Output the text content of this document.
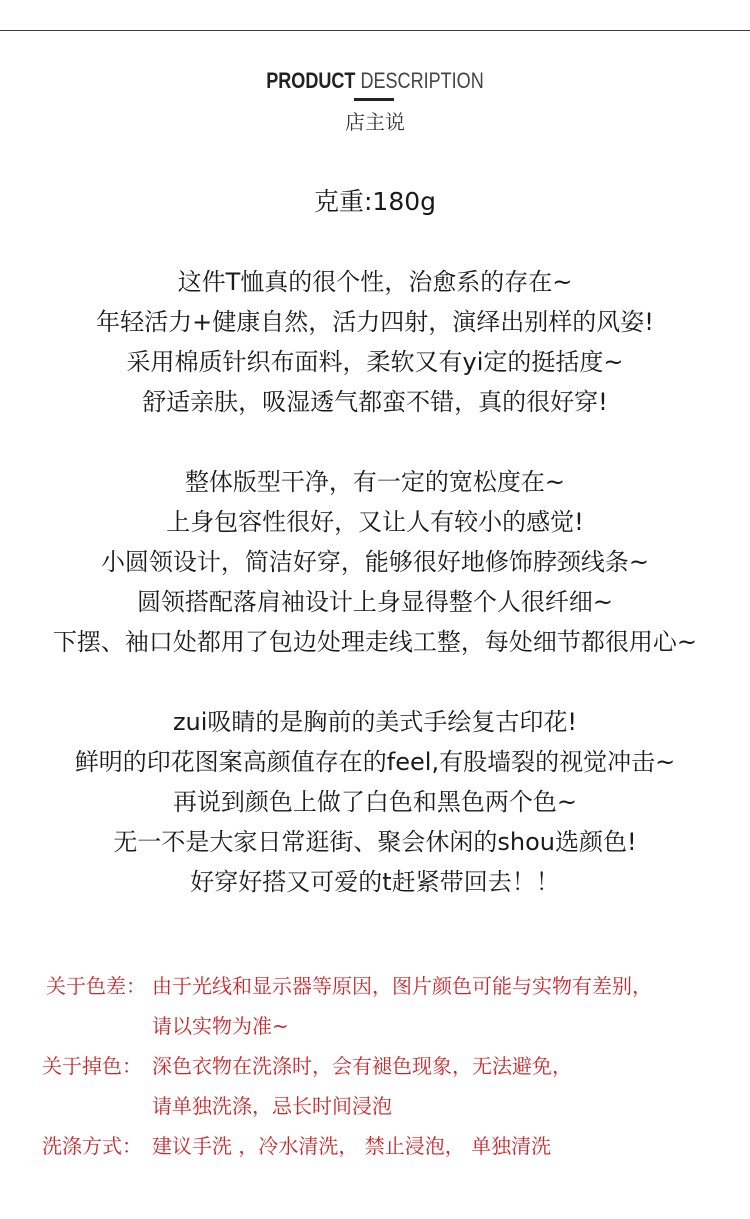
PRODUCT DESCRIPTION
店主说
克重:180g
这件T恤真的很个性，治愈系的存在~
年轻活力+健康自然，活力四射，演绎出别样的风姿!
采用棉质针织布面料，柔软又有yi定的挺括度~
舒适亲肤，吸湿透气都蛮不错，真的很好穿!
整体版型干净，有一定的宽松度在~
上身包容性很好，又让人有较小的感觉!
小圆领设计，简洁好穿，能够很好地修饰脖颈线条~
圆领搭配落肩袖设计上身显得整个人很纤细~
下摆、袖口处都用了包边处理走线工整，每处细节都很用心~
zui吸睛的是胸前的美式手绘复古印花!
鲜明的印花图案高颜值存在的feel,有股墙裂的视觉冲击~
再说到颜色上做了白色和黑色两个色~
无一不是大家日常逛街、聚会休闲的shou选颜色!
好穿好搭又可爱的t赶紧带回去！！
关于色差： 由于光线和显示器等原因，图片颜色可能与实物有差别，
请以实物为准~
关于掉色： 深色衣物在洗涤时，会有褪色现象，无法避免，
请单独洗涤，忌长时间浸泡
洗涤方式： 建议手洗 ，冷水清洗， 禁止浸泡， 单独清洗
